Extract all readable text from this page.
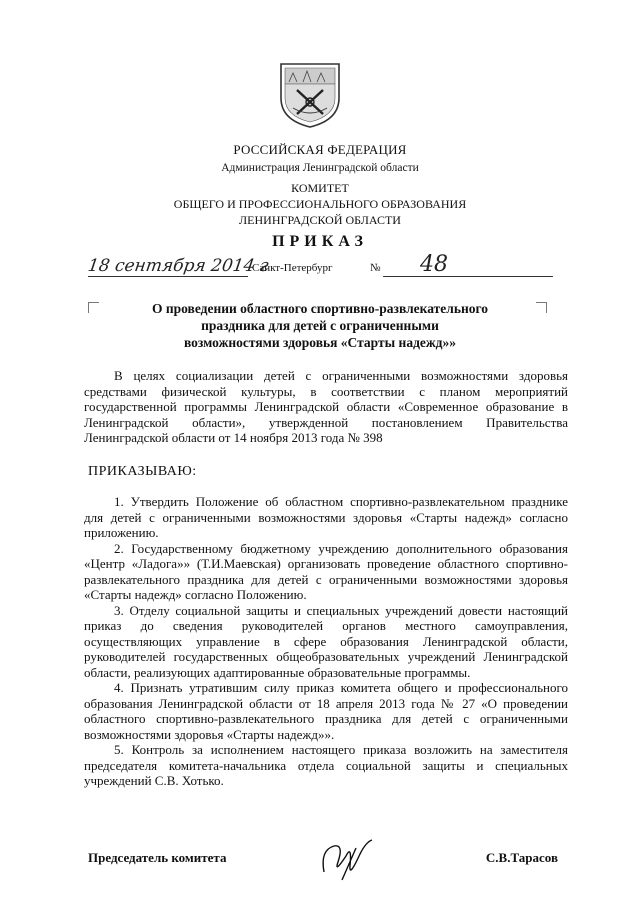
РОССИЙСКАЯ ФЕДЕРАЦИЯ
Администрация Ленинградской области
КОМИТЕТ
ОБЩЕГО И ПРОФЕССИОНАЛЬНОГО ОБРАЗОВАНИЯ
ЛЕНИНГРАДСКОЙ ОБЛАСТИ
ПРИКАЗ
18 сентября 2014 г
Санкт-Петербург	№ 48
О проведении областного спортивно-развлекательного
праздника для детей с ограниченными
возможностями здоровья «Старты надежд»»

В целях социализации детей с ограниченными возможностями здоровья средствами физической культуры, в соответствии с планом мероприятий государственной программы Ленинградской области «Современное образование в Ленинградской области», утвержденной постановлением Правительства Ленинградской области от 14 ноября 2013 года № 398

ПРИКАЗЫВАЮ:

1. Утвердить Положение об областном спортивно-развлекательном празднике для детей с ограниченными возможностями здоровья «Старты надежд» согласно приложению.

2. Государственному бюджетному учреждению дополнительного образования «Центр «Ладога»» (Т.И.Маевская) организовать проведение областного спортивно-развлекательного праздника для детей с ограниченными возможностями здоровья «Старты надежд» согласно Положению.

3. Отделу социальной защиты и специальных учреждений довести настоящий приказ до сведения руководителей органов местного самоуправления, осуществляющих управление в сфере образования Ленинградской области, руководителей государственных общеобразовательных учреждений Ленинградской области, реализующих адаптированные образовательные программы.

4. Признать утратившим силу приказ комитета общего и профессионального образования Ленинградской области от 18 апреля 2013 года № 27 «О проведении областного спортивно-развлекательного праздника для детей с ограниченными возможностями здоровья «Старты надежд»».

5. Контроль за исполнением настоящего приказа возложить на заместителя председателя комитета-начальника отдела социальной защиты и специальных учреждений С.В. Хотько.

Председатель комитета	С.В.Тарасов
